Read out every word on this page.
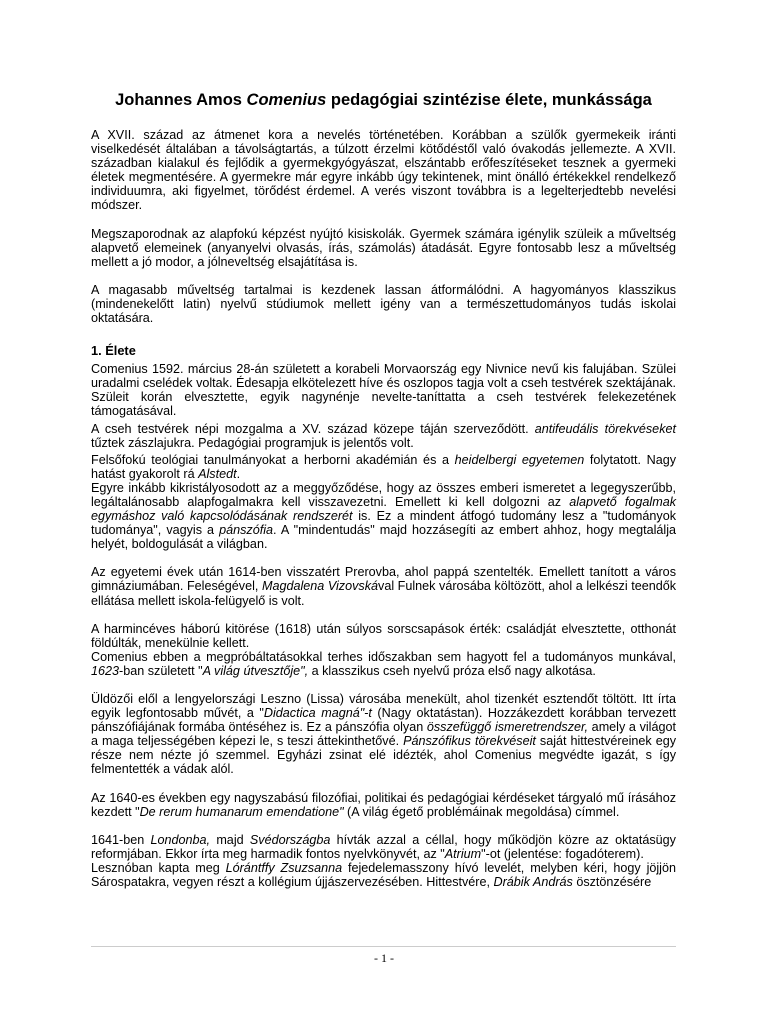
Johannes Amos Comenius pedagógiai szintézise élete, munkássága

A XVII. század az átmenet kora a nevelés történetében. Korábban a szülők gyermekeik iránti viselkedését általában a távolságtartás, a túlzott érzelmi kötődéstől való óvakodás jellemezte. A XVII. században kialakul és fejlődik a gyermekgyógyászat, elszántabb erőfeszítéseket tesznek a gyermeki életek megmentésére. A gyermekre már egyre inkább úgy tekintenek, mint önálló értékekkel rendelkező individuumra, aki figyelmet, törődést érdemel. A verés viszont továbbra is a legelterjedtebb nevelési módszer.

Megszaporodnak az alapfokú képzést nyújtó kisiskolák. Gyermek számára igénylik szüleik a műveltség alapvető elemeinek (anyanyelvi olvasás, írás, számolás) átadását. Egyre fontosabb lesz a műveltség mellett a jó modor, a jólneveltség elsajátítása is.

A magasabb műveltség tartalmai is kezdenek lassan átformálódni. A hagyományos klasszikus (mindenekelőtt latin) nyelvű stúdiumok mellett igény van a természettudományos tudás iskolai oktatására.

1. Élete

Comenius 1592. március 28-án született a korabeli Morvaország egy Nivnice nevű kis falujában. Szülei uradalmi cselédek voltak. Édesapja elkötelezett híve és oszlopos tagja volt a cseh testvérek szektájának. Szüleit korán elvesztette, egyik nagynénje nevelte-taníttatta a cseh testvérek felekezetének támogatásával.

A cseh testvérek népi mozgalma a XV. század közepe táján szerveződött. antifeudális törekvéseket tűztek zászlajukra. Pedagógiai programjuk is jelentős volt.

Felsőfokú teológiai tanulmányokat a herborni akadémián és a heidelbergi egyetemen folytatott. Nagy hatást gyakorolt rá Alstedt.

Egyre inkább kikristályosodott az a meggyőződése, hogy az összes emberi ismeretet a legegyszerűbb, legáltalánosabb alapfogalmakra kell visszavezetni. Emellett ki kell dolgozni az alapvető fogalmak egymáshoz való kapcsolódásának rendszerét is. Ez a mindent átfogó tudomány lesz a "tudományok tudománya", vagyis a pánszófia. A "mindentudás" majd hozzásegíti az embert ahhoz, hogy megtalálja helyét, boldogulását a világban.

Az egyetemi évek után 1614-ben visszatért Prerovba, ahol pappá szentelték. Emellett tanított a város gimnáziumában. Feleségével, Magdalena Vizovskával Fulnek városába költözött, ahol a lelkészi teendők ellátása mellett iskola-felügyelő is volt.

A harmincéves háború kitörése (1618) után súlyos sorscsapások érték: családját elvesztette, otthonát földúlták, menekülnie kellett.

Comenius ebben a megpróbáltatásokkal terhes időszakban sem hagyott fel a tudományos munkával, 1623-ban született "A világ útvesztője", a klasszikus cseh nyelvű próza első nagy alkotása.

Üldözői elől a lengyelországi Leszno (Lissa) városába menekült, ahol tizenkét esztendőt töltött. Itt írta egyik legfontosabb művét, a "Didactica magná"-t (Nagy oktatástan). Hozzákezdett korábban tervezett pánszófiájának formába öntéséhez is. Ez a pánszófia olyan összefüggő ismeretrendszer, amely a világot a maga teljességében képezi le, s teszi áttekinthetővé. Pánszófikus törekvéseit saját hittestvéreinek egy része nem nézte jó szemmel. Egyházi zsinat elé idézték, ahol Comenius megvédte igazát, s így felmentették a vádak alól.

Az 1640-es években egy nagyszabású filozófiai, politikai és pedagógiai kérdéseket tárgyaló mű írásához kezdett "De rerum humanarum emendatione" (A világ égető problémáinak megoldása) címmel.

1641-ben Londonba, majd Svédországba hívták azzal a céllal, hogy működjön közre az oktatásügy reformjában. Ekkor írta meg harmadik fontos nyelvkönyvét, az "Atrium"-ot (jelentése: fogadóterem).

Lesznóban kapta meg Lórántffy Zsuzsanna fejedelemasszony hívó levelét, melyben kéri, hogy jöjjön Sárospatakra, vegyen részt a kollégium újjászervezésében. Hittestvére, Drábik András ösztönzésére

- 1 -
